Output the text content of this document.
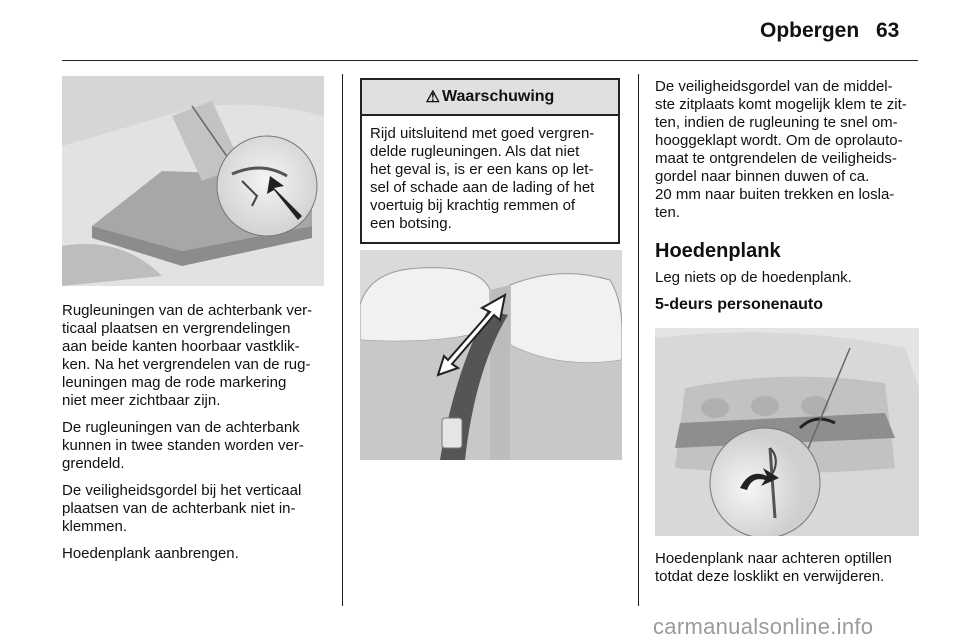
Opbergen 63

Rugleuningen van de achterbank ver-
ticaal plaatsen en vergrendelingen
aan beide kanten hoorbaar vastklik-
ken. Na het vergrendelen van de rug-
leuningen mag de rode markering
niet meer zichtbaar zijn.

De rugleuningen van de achterbank
kunnen in twee standen worden ver-
grendeld.

De veiligheidsgordel bij het verticaal
plaatsen van de achterbank niet in-
klemmen.

Hoedenplank aanbrengen.

⚠ Waarschuwing

Rijd uitsluitend met goed vergren-
delde rugleuningen. Als dat niet
het geval is, is er een kans op let-
sel of schade aan de lading of het
voertuig bij krachtig remmen of
een botsing.

De veiligheidsgordel van de middel-
ste zitplaats komt mogelijk klem te zit-
ten, indien de rugleuning te snel om-
hooggeklapt wordt. Om de oprolauto-
maat te ontgrendelen de veiligheids-
gordel naar binnen duwen of ca.
20 mm naar buiten trekken en losla-
ten.

Hoedenplank

Leg niets op de hoedenplank.

5-deurs personenauto

Hoedenplank naar achteren optillen
totdat deze losklikt en verwijderen.

carmanualsonline.info
